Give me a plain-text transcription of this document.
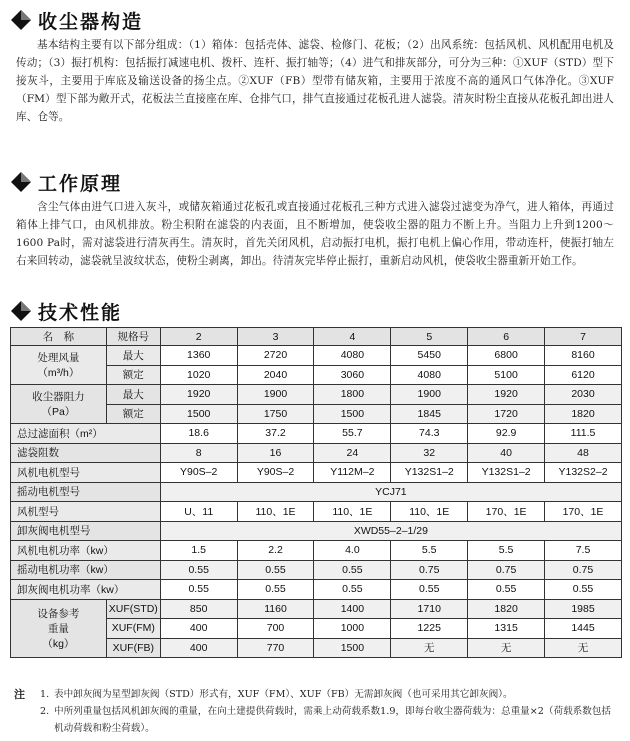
收尘器构造

基本结构主要有以下部分组成：（1）箱体：包括壳体、滤袋、检修门、花板；（2）出风系统：包括风机、风机配用电机及传动；（3）振打机构：包括振打减速电机、拨杆、连杆、振打轴等；（4）进气和排灰部分，可分为三种：①XUF（STD）型下接灰斗，主要用于库底及输送设备的扬尘点。②XUF（FB）型带有储灰箱，主要用于浓度不高的通风口气体净化。③XUF（FM）型下部为敞开式，花板法兰直接座在库、仓排气口，排气直接通过花板孔进人滤袋。清灰时粉尘直接从花板孔卸出进人库、仓等。

工作原理

含尘气体由进气口进入灰斗，或储灰箱通过花板孔或直接通过花板孔三种方式进入滤袋过滤变为净气，进人箱体，再通过箱体上排气口，由风机排放。粉尘积附在滤袋的内表面，且不断增加，使袋收尘器的阻力不断上升。当阻力上升到1200～1600 Pa时，需对滤袋进行清灰再生。清灰时，首先关闭风机，启动振打电机，振打电机上偏心作用，带动连杆，使振打轴左右来回转动，滤袋就呈波纹状态，使粉尘剥离，卸出。待清灰完毕停止振打，重新启动风机，使袋收尘器重新开始工作。

技术性能
名　称	规格号	2	3	4	5	6	7

处理风量
（m³/h）	最大	1360	2720	4080	5450	6800	8160
	额定	1020	2040	3060	4080	5100	6120

收尘器阻力
（Pa）	最大	1920	1900	1800	1900	1920	2030
	额定	1500	1750	1500	1845	1720	1820
总过滤面积（m²）		18.6	37.2	55.7	74.3	92.9	111.5
滤袋阻数		8	16	24	32	40	48
风机电机型号		Y90S–2	Y90S–2	Y112M–2	Y132S1–2	Y132S1–2	Y132S2–2
摇动电机型号		YCJ71					
风机型号		U、11	110、1E	110、1E	110、1E	170、1E	170、1E
卸灰阀电机型号		XWD55–2–1/29					
风机电机功率（kw）		1.5	2.2	4.0	5.5	5.5	7.5
摇动电机功率（kw）		0.55	0.55	0.55	0.75	0.75	0.75
卸灰阀电机功率（kw）		0.55	0.55	0.55	0.55	0.55	0.55

设备参考
重量
（kg）	XUF(STD)	850	1160	1400	1710	1820	1985
	XUF(FM)	400	700	1000	1225	1315	1445
	XUF(FB)	400	770	1500	无	无	无
注	1. 表中卸灰阀为星型卸灰阀（STD）形式有，XUF（FM）、XUF（FB）无需卸灰阀（也可采用其它卸灰阀）。
2. 中所列重量包括风机卸灰阀的重量，在向土建提供荷载时，需乘上动荷载系数1.9，即每台收尘器荷载为：总重量×2（荷载系数包括机动荷载和粉尘荷载）。
